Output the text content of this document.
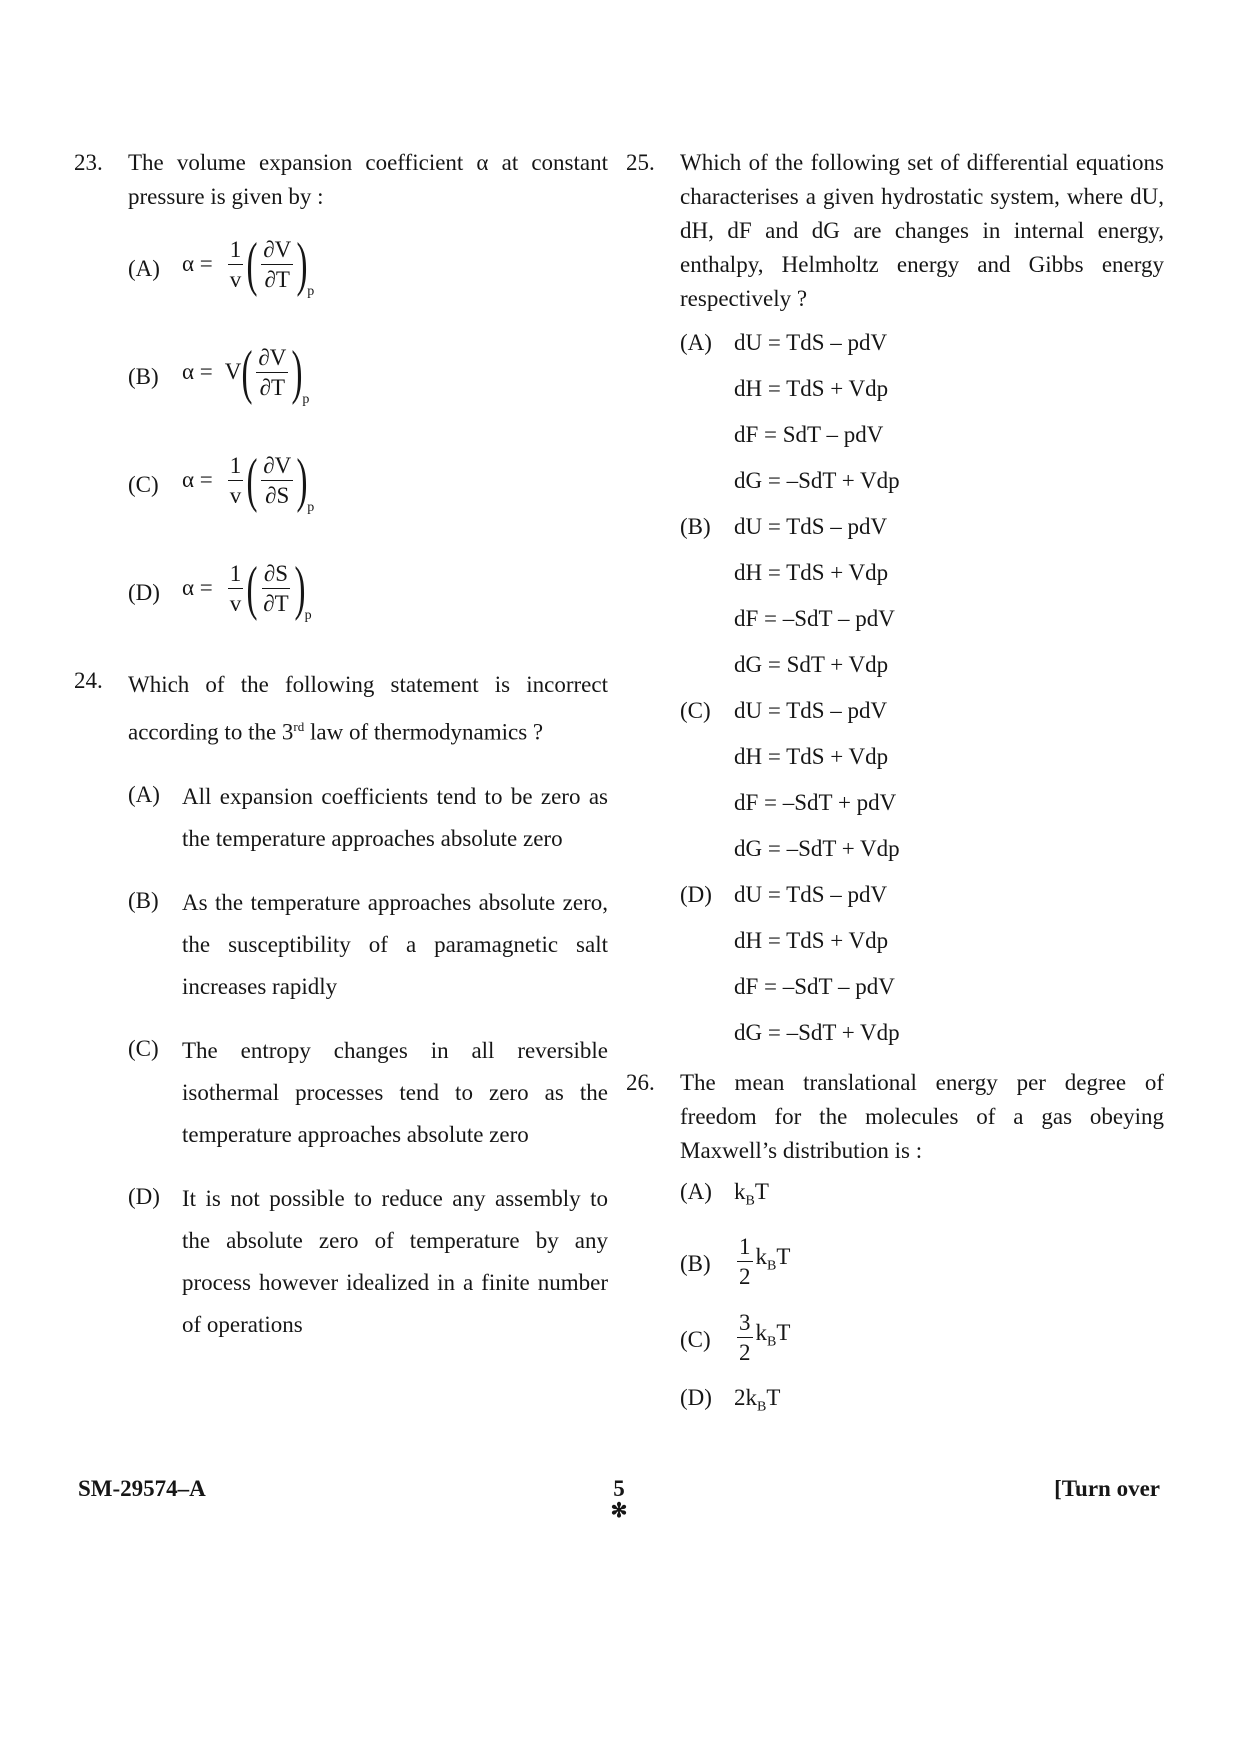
23. The volume expansion coefficient α at constant pressure is given by :
(A) $\alpha = \frac{1}{v}$ ( $\frac{\partial V}{\partial T}$ ) p
(B) α = V ( $\frac{\partial V}{\partial T}$ ) p
(C) $\alpha = \frac{1}{v}$ ( $\frac{\partial V}{\partial S}$ ) p
(D) $\alpha = \frac{1}{v}$ ( $\frac{\partial S}{\partial T}$ ) p
24. Which of the following statement is incorrect according to the 3rd law of thermodynamics ?
(A) All expansion coefficients tend to be zero as the temperature approaches absolute zero
(B) As the temperature approaches absolute zero, the susceptibility of a paramagnetic salt increases rapidly
(C) The entropy changes in all reversible isothermal processes tend to zero as the temperature approaches absolute zero
(D) It is not possible to reduce any assembly to the absolute zero of temperature by any process however idealized in a finite number of operations
25. Which of the following set of differential equations characterises a given hydrostatic system, where dU, dH, dF and dG are changes in internal energy, enthalpy, Helmholtz energy and Gibbs energy respectively ?
(A) dU = TdS – pdV
dH = TdS + Vdp
dF = SdT – pdV
dG = –SdT + Vdp
(B) dU = TdS – pdV
dH = TdS + Vdp
dF = –SdT – pdV
dG = SdT + Vdp
(C) dU = TdS – pdV
dH = TdS + Vdp
dF = –SdT + pdV
dG = –SdT + Vdp
(D) dU = TdS – pdV
dH = TdS + Vdp
dF = –SdT – pdV
dG = –SdT + Vdp
26. The mean translational energy per degree of freedom for the molecules of a gas obeying Maxwell’s distribution is :
(A) $k_BT$
$(B) \frac{1}{2} k_BT$
$(C) \frac{3}{2} k_BT$
(D) $2k_BT$
SM-29574–A	5
✻
[Turn over
